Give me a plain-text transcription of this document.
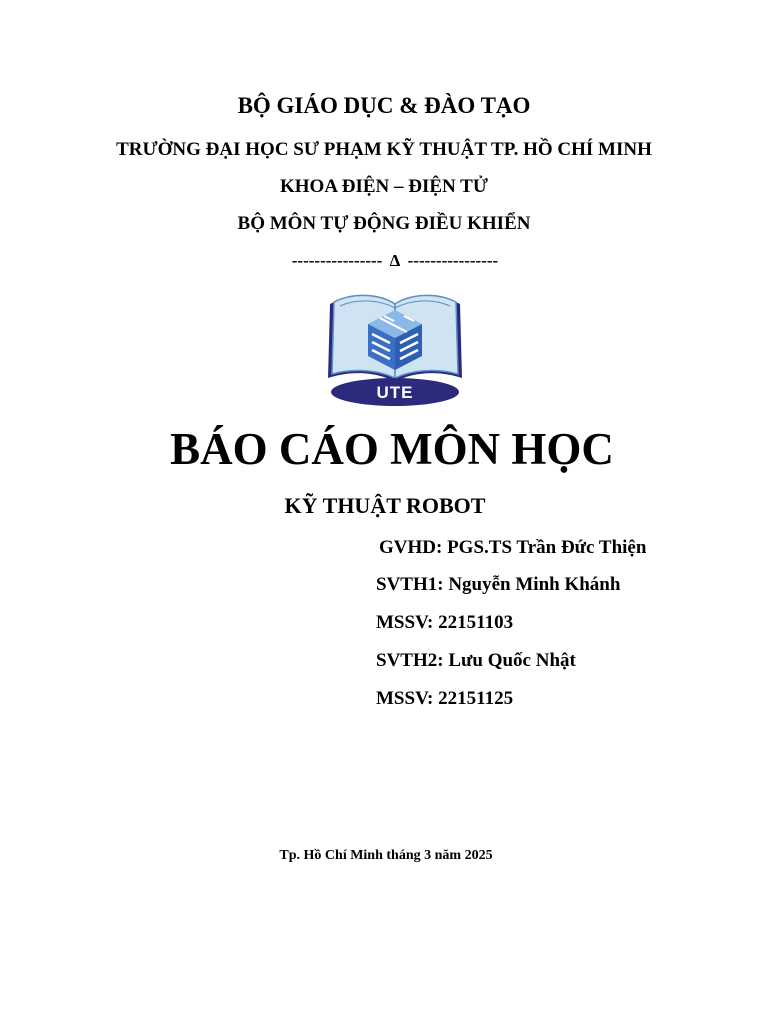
BỘ GIÁO DỤC & ĐÀO TẠO

TRƯỜNG ĐẠI HỌC SƯ PHẠM KỸ THUẬT TP. HỒ CHÍ MINH

KHOA ĐIỆN – ĐIỆN TỬ

BỘ MÔN TỰ ĐỘNG ĐIỀU KHIỂN

---------------- Δ ----------------

UTE

BÁO CÁO MÔN HỌC

KỸ THUẬT ROBOT

GVHD: PGS.TS Trần Đức Thiện

SVTH1: Nguyễn Minh Khánh

MSSV: 22151103

SVTH2: Lưu Quốc Nhật

MSSV: 22151125

Tp. Hồ Chí Minh tháng 3 năm 2025
